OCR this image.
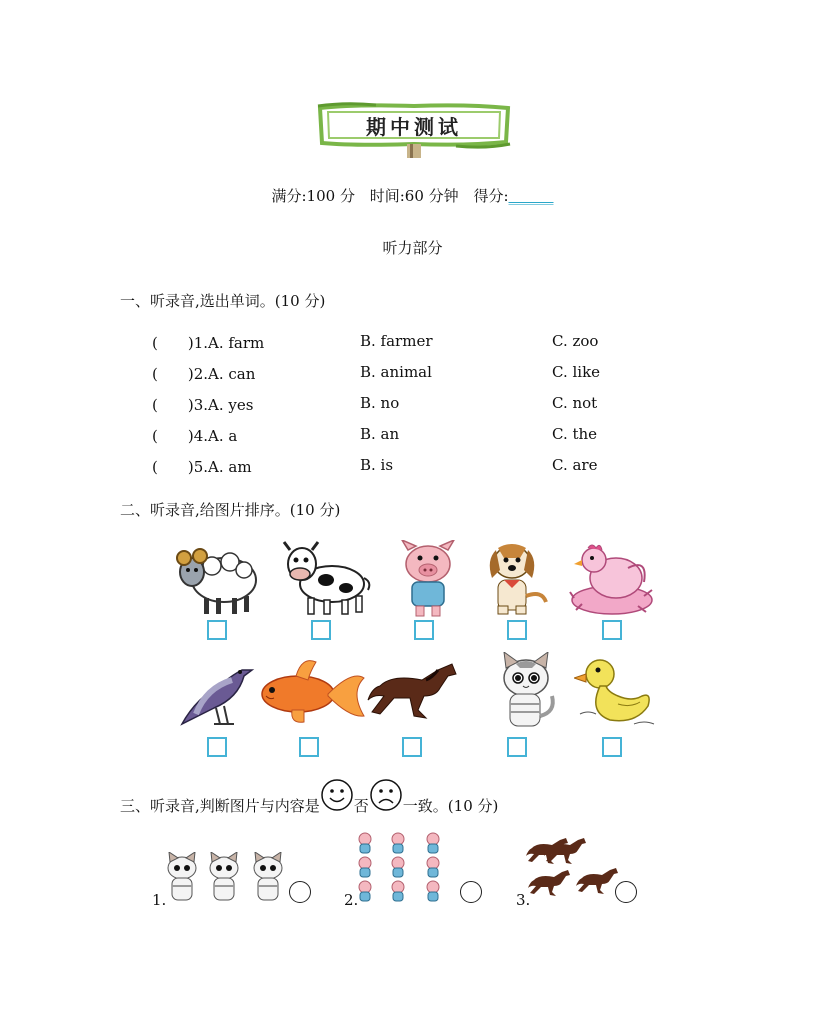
期中测试
满分:100 分 时间:60 分钟 得分:______
听力部分
一、听录音,选出单词。(10 分)
(　　)1.A. farm	B. farmer	C. zoo
(　　)2.A. can	B. animal	C. like
(　　)3.A. yes	B. no	C. not
(　　)4.A. a	B. an	C. the
(　　)5.A. am	B. is	C. are
二、听录音,给图片排序。(10 分)
三、听录音,判断图片与内容是 否 一致。(10 分)
1.	2.	3.
